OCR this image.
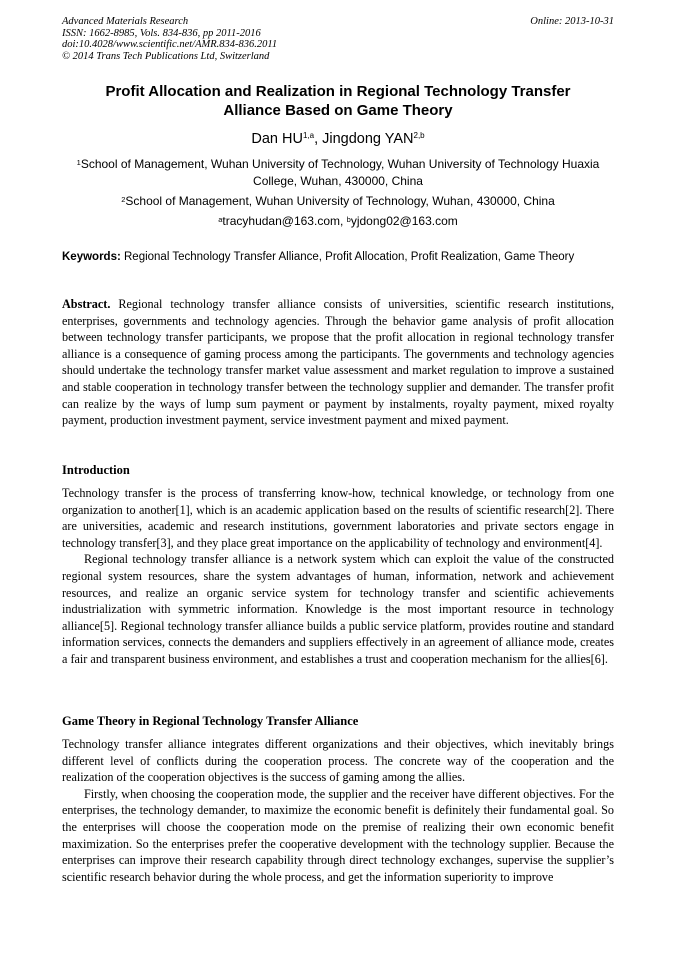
Advanced Materials Research
ISSN: 1662-8985, Vols. 834-836, pp 2011-2016
doi:10.4028/www.scientific.net/AMR.834-836.2011
© 2014 Trans Tech Publications Ltd, Switzerland
Online: 2013-10-31
Profit Allocation and Realization in Regional Technology Transfer
Alliance Based on Game Theory
Dan HU$^{1,a}$, Jingdong YAN$^{2,b}$
$^1$School of Management, Wuhan University of Technology, Wuhan University of Technology Huaxia
College, Wuhan, 430000, China
$^2$School of Management, Wuhan University of Technology, Wuhan, 430000, China
$^a$tracyhudan@163.com, $^b$yjdong02@163.com
Keywords: Regional Technology Transfer Alliance, Profit Allocation, Profit Realization, Game Theory

Abstract. Regional technology transfer alliance consists of universities, scientific research institutions, enterprises, governments and technology agencies. Through the behavior game analysis of profit allocation between technology transfer participants, we propose that the profit allocation in regional technology transfer alliance is a consequence of gaming process among the participants. The governments and technology agencies should undertake the technology transfer market value assessment and market regulation to improve a sustained and stable cooperation in technology transfer between the technology supplier and demander. The transfer profit can realize by the ways of lump sum payment or payment by instalments, royalty payment, mixed royalty payment, production investment payment, service investment payment and mixed payment.

Introduction

Technology transfer is the process of transferring know-how, technical knowledge, or technology from one organization to another[1], which is an academic application based on the results of scientific research[2]. There are universities, academic and research institutions, government laboratories and private sectors engage in technology transfer[3], and they place great importance on the applicability of technology and environment[4].

Regional technology transfer alliance is a network system which can exploit the value of the constructed regional system resources, share the system advantages of human, information, network and achievement resources, and realize an organic service system for technology transfer and scientific achievements industrialization with symmetric information. Knowledge is the most important resource in technology alliance[5]. Regional technology transfer alliance builds a public service platform, provides routine and standard information services, connects the demanders and suppliers effectively in an agreement of alliance mode, creates a fair and transparent business environment, and establishes a trust and cooperation mechanism for the allies[6].

Game Theory in Regional Technology Transfer Alliance

Technology transfer alliance integrates different organizations and their objectives, which inevitably brings different level of conflicts during the cooperation process. The concrete way of the cooperation and the realization of the cooperation objectives is the success of gaming among the allies.

Firstly, when choosing the cooperation mode, the supplier and the receiver have different objectives. For the enterprises, the technology demander, to maximize the economic benefit is definitely their fundamental goal. So the enterprises will choose the cooperation mode on the premise of realizing their own economic benefit maximization. So the enterprises prefer the cooperative development with the technology supplier. Because the enterprises can improve their research capability through direct technology exchanges, supervise the supplier’s scientific research behavior during the whole process, and get the information superiority to improve
